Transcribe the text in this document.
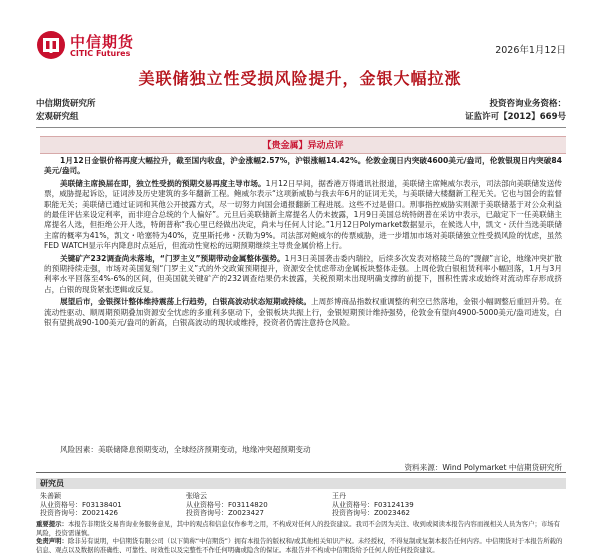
中信期货
CITIC Futures	2026年1月12日
美联储独立性受损风险提升，金银大幅拉涨
中信期货研究所
宏观研究组
投资咨询业务资格：
证监许可【2012】669号
【贵金属】异动点评

1月12日金银价格再度大幅拉升，截至国内收盘，沪金涨幅2.57%，沪银涨幅14.42%。伦敦金现日内突破4600美元/盎司，伦敦银现日内突破84美元/盎司。

美联储主席换届在即，独立性受损的预期交易再度主导市场。1月12日早间，据香港万得通讯社报道，美联储主席鲍威尔表示，司法部向美联储发送传票，威胁提起诉讼，证词涉及历史建筑的多年翻新工程。鲍威尔表示“这项新威胁与我去年6月的证词无关，与美联储大楼翻新工程无关。它也与国会的监督职能无关；美联储已通过证词和其他公开披露方式，尽一切努力向国会通报翻新工程进展。这些不过是借口。刑事指控威胁实则源于美联储基于对公众利益的最佳评估来设定利率，而非迎合总统的个人偏好”。元旦后美联储新主席提名人仍未披露，1月9日美国总统特朗普在采访中表示，已敲定下一任美联储主席提名人选，但拒绝公开人选，特朗普称“我心里已经做出决定，尚未与任何人讨论。”1月12日Polymarket数据显示，在候选人中，凯文・沃什当选美联储主席的概率为41%，凯文・哈塞特为40%，克里斯托弗・沃勒为9%。司法部对鲍威尔的传票威胁，进一步增加市场对美联储独立性受损风险的忧虑，虽然FED WATCH显示年内降息时点延后，但流动性宽松的远期预期继续主导贵金属价格上行。

关键矿产232调查尚未落地，“门罗主义”预期带动金属整体强势。1月3日美国袭击委内瑞拉，后续多次发表对格陵兰岛的“觊觎”言论，地缘冲突扩散的预期持续走强，市场对美国复刻“门罗主义”式的外交政策预期提升，资源安全忧虑带动金属板块整体走强。上周伦敦白银租赁利率小幅回落，1月与3月利率水平回落至4%-6%的区间，但美国就关键矿产的232调查结果仍未披露，关税预期未出现明确支撑的前提下，围积性需求或始终对流动库存形成挤占，白银的现货紧张逻辑或反复。

展望后市，金银探计整体维持震荡上行趋势，白银高波动状态短期或持续。上周彭博商品指数权重调整的利空已然落地，金银小幅调整后重回升势。在流动性驱动、顺周期预期叠加资源安全忧虑的多重利多驱动下，金银板块共振上行，金银短期预计维持强势，伦敦金有望向4900-5000美元/盎司进发，白银有望挑战90-100美元/盎司的新高，白银高波动的现状或维持，投资者仍需注意持仓风险。

风险因素：美联储降息预期变动，全球经济预期变动，地缘冲突超预期变动
资料来源：Wind Polymarket 中信期货研究所
研究员
朱善颖
从业资格号：F03138401
投资咨询号：Z0021426
张晗云
从业资格号：F03114820
投资咨询号：Z0023427
王丹
从业资格号：F03124139
投资咨询号：Z0023462
重要提示：本报告非期货交易咨询业务服务意见，其中的观点和信息仅作参考之用，不构成对任何人的投资建议。我司不会因为关注、收到或阅读本报告内容而视相关人员为客户；市场有风险，投资需谨慎。
免责声明：除非另有说明，中信期货有限公司（以下简称“中信期货”）拥有本报告的版权和/或其他相关知识产权。未经授权，不得复制或复制本报告任何内容。中信期货对于本报告所载的信息、观点以及数据的准确性、可靠性、时效性以及完整性不作任何明确或隐含的保证。本报告并不构成中信期货给予任何人的任何投资建议。
